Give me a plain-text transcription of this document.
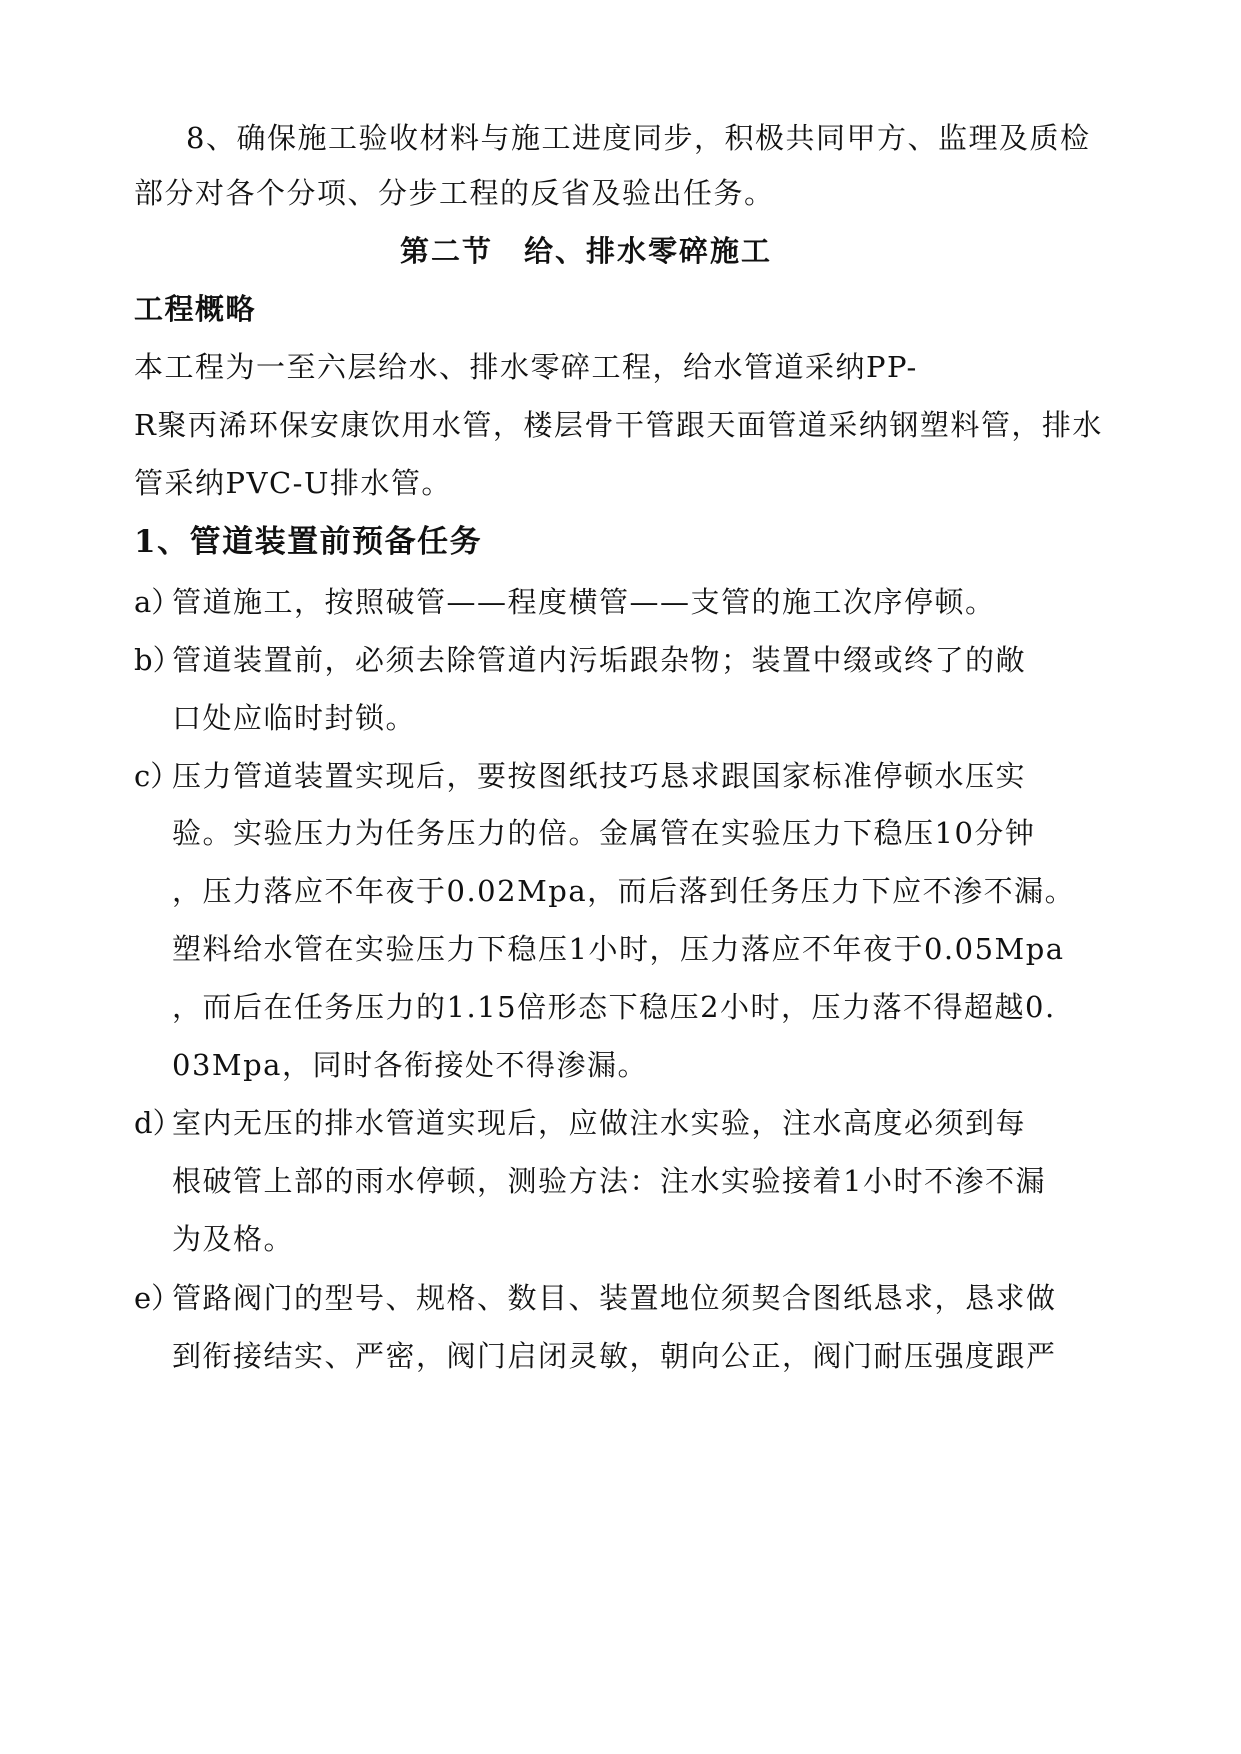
8、确保施工验收材料与施工进度同步，积极共同甲方、监理及质检
部分对各个分项、分步工程的反省及验出任务。
第二节　给、排水零碎施工
工程概略
本工程为一至六层给水、排水零碎工程，给水管道采纳PP-
R聚丙浠环保安康饮用水管，楼层骨干管跟天面管道采纳钢塑料管，排水
管采纳PVC-U排水管。
1、管道装置前预备任务
a）
管道施工，按照破管——程度横管——支管的施工次序停顿。
b）
管道装置前，必须去除管道内污垢跟杂物；装置中缀或终了的敞
口处应临时封锁。
c）
压力管道装置实现后，要按图纸技巧恳求跟国家标准停顿水压实
验。实验压力为任务压力的倍。金属管在实验压力下稳压10分钟
，压力落应不年夜于0.02Mpa，而后落到任务压力下应不渗不漏。
塑料给水管在实验压力下稳压1小时，压力落应不年夜于0.05Mpa
，而后在任务压力的1.15倍形态下稳压2小时，压力落不得超越0.
03Mpa，同时各衔接处不得渗漏。
d）
室内无压的排水管道实现后，应做注水实验，注水高度必须到每
根破管上部的雨水停顿，测验方法：注水实验接着1小时不渗不漏
为及格。
e）
管路阀门的型号、规格、数目、装置地位须契合图纸恳求，恳求做
到衔接结实、严密，阀门启闭灵敏，朝向公正，阀门耐压强度跟严
